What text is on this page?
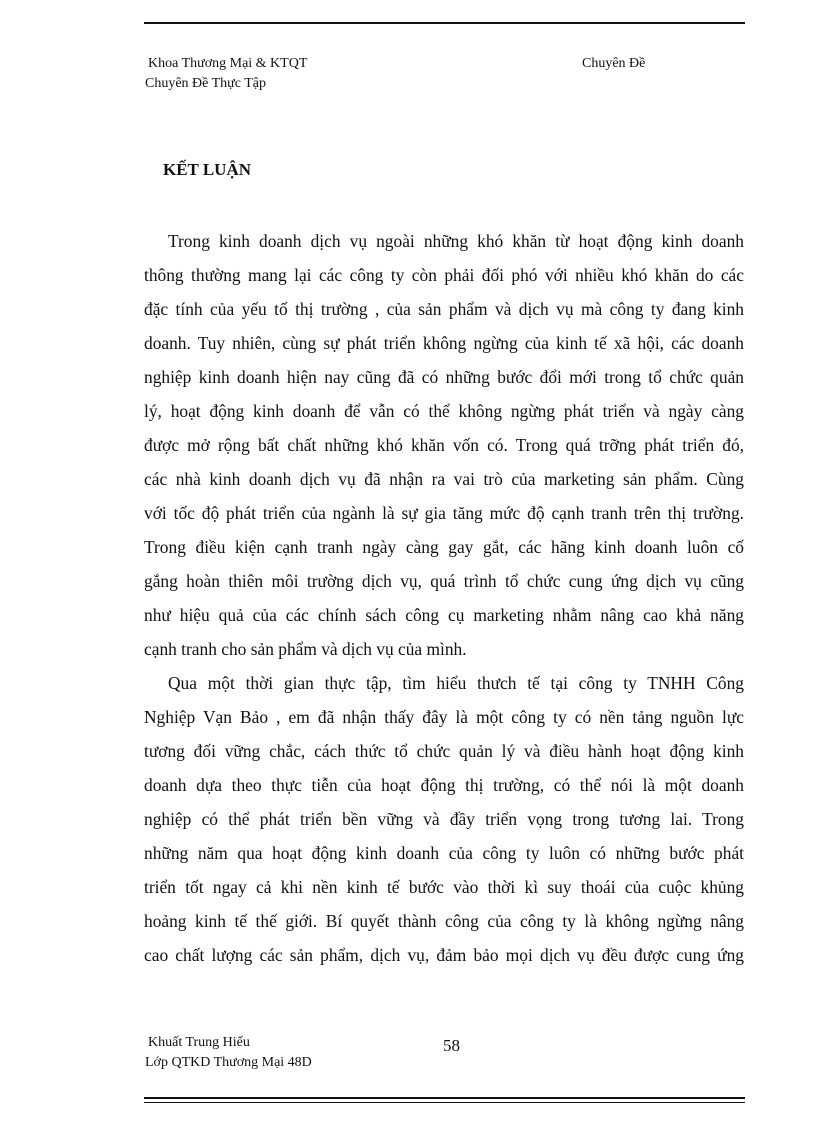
Khoa Thương Mại & KTQT	Chuyên Đề
Chuyên Đề Thực Tập
KẾT LUẬN

Trong kinh doanh dịch vụ ngoài những khó khăn từ hoạt động kinh doanh
thông thường mang lại các công ty còn phải đối phó với nhiều khó khăn do các
đặc tính của yếu tố thị trường , của sản phẩm và dịch vụ mà công ty đang kinh
doanh. Tuy nhiên, cùng sự phát triển không ngừng của kinh tế xã hội, các doanh
nghiệp kinh doanh hiện nay cũng đã có những bước đổi mới trong tổ chức quản
lý, hoạt động kinh doanh để vẫn có thể không ngừng phát triển và ngày càng
được mở rộng bất chất những khó khăn vốn có. Trong quá trỡng phát triển đó,
các nhà kinh doanh dịch vụ đã nhận ra vai trò của marketing sản phẩm. Cùng
với tốc độ phát triển của ngành là sự gia tăng mức độ cạnh tranh trên thị trường.
Trong điều kiện cạnh tranh ngày càng gay gắt, các hãng kinh doanh luôn cố
gắng hoàn thiên môi trường dịch vụ, quá trình tổ chức cung ứng dịch vụ cũng
như hiệu quả của các chính sách công cụ marketing nhằm nâng cao khả năng
cạnh tranh cho sản phẩm và dịch vụ của mình.

Qua một thời gian thực tập, tìm hiểu thưch tế tại công ty TNHH Công
Nghiệp Vạn Bảo , em đã nhận thấy đây là một công ty có nền tảng nguồn lực
tương đối vững chắc, cách thức tổ chức quản lý và điều hành hoạt động kinh
doanh dựa theo thực tiễn của hoạt động thị trường, có thể nói là một doanh
nghiệp có thể phát triển bền vững và đầy triển vọng trong tương lai. Trong
những năm qua hoạt động kinh doanh của công ty luôn có những bước phát
triển tốt ngay cả khi nền kinh tế bước vào thời kì suy thoái của cuộc khủng
hoảng kinh tế thế giới. Bí quyết thành công của công ty là không ngừng nâng
cao chất lượng các sản phẩm, dịch vụ, đảm bảo mọi dịch vụ đều được cung ứng

Khuất Trung Hiếu	58
Lớp QTKD Thương Mại 48D
